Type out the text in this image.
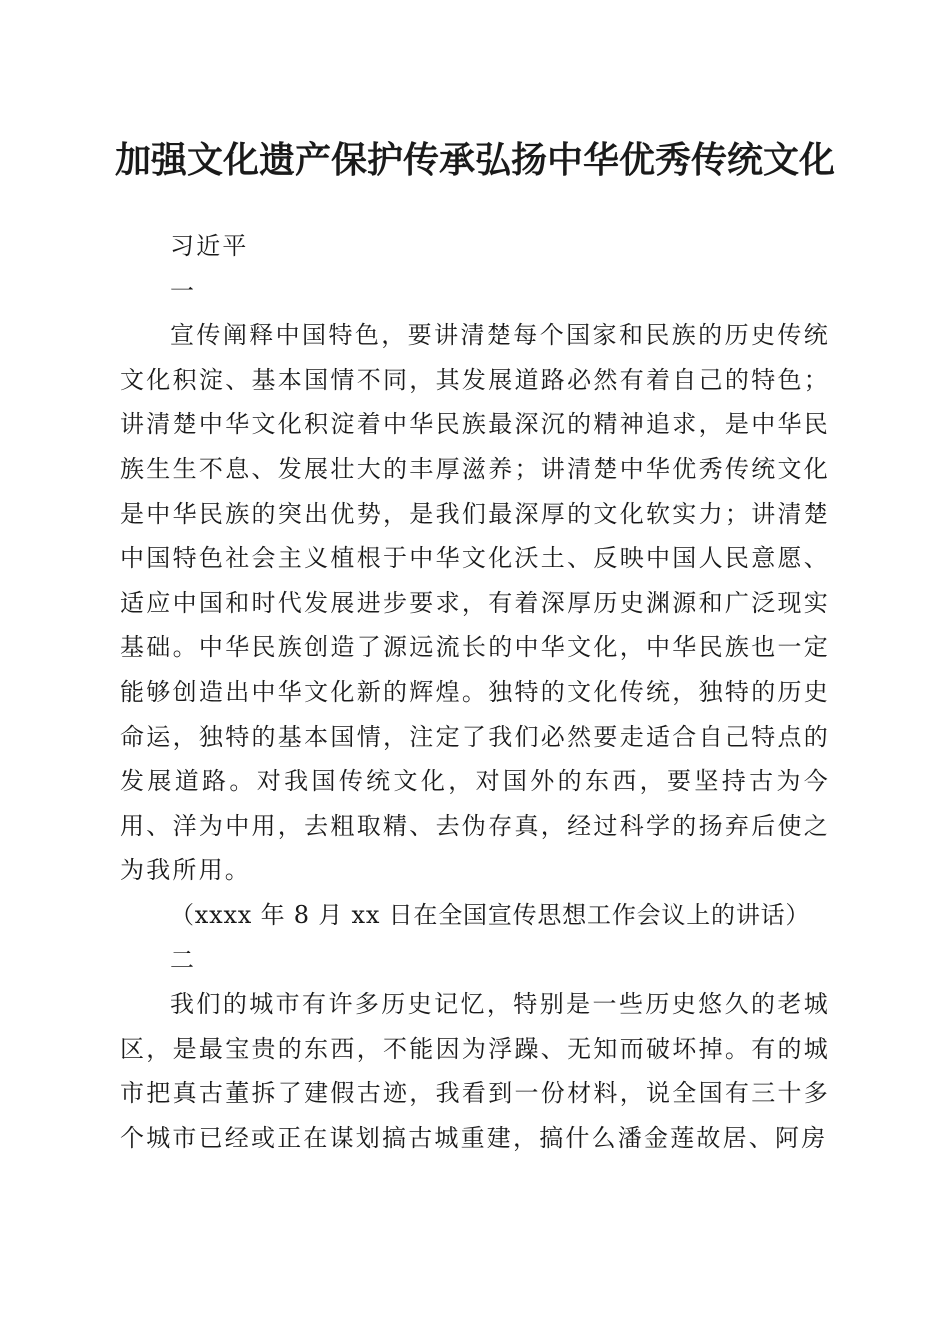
加强文化遗产保护传承弘扬中华优秀传统文化

习近平

一

宣传阐释中国特色，要讲清楚每个国家和民族的历史传统文化积淀、基本国情不同，其发展道路必然有着自己的特色；讲清楚中华文化积淀着中华民族最深沉的精神追求，是中华民族生生不息、发展壮大的丰厚滋养；讲清楚中华优秀传统文化是中华民族的突出优势，是我们最深厚的文化软实力；讲清楚中国特色社会主义植根于中华文化沃土、反映中国人民意愿、适应中国和时代发展进步要求，有着深厚历史渊源和广泛现实基础。中华民族创造了源远流长的中华文化，中华民族也一定能够创造出中华文化新的辉煌。独特的文化传统，独特的历史命运，独特的基本国情，注定了我们必然要走适合自己特点的发展道路。对我国传统文化，对国外的东西，要坚持古为今用、洋为中用，去粗取精、去伪存真，经过科学的扬弃后使之为我所用。

（xxxx 年 8 月 xx 日在全国宣传思想工作会议上的讲话）

二

我们的城市有许多历史记忆，特别是一些历史悠久的老城区，是最宝贵的东西，不能因为浮躁、无知而破坏掉。有的城市把真古董拆了建假古迹，我看到一份材料，说全国有三十多个城市已经或正在谋划搞古城重建，搞什么潘金莲故居、阿房
